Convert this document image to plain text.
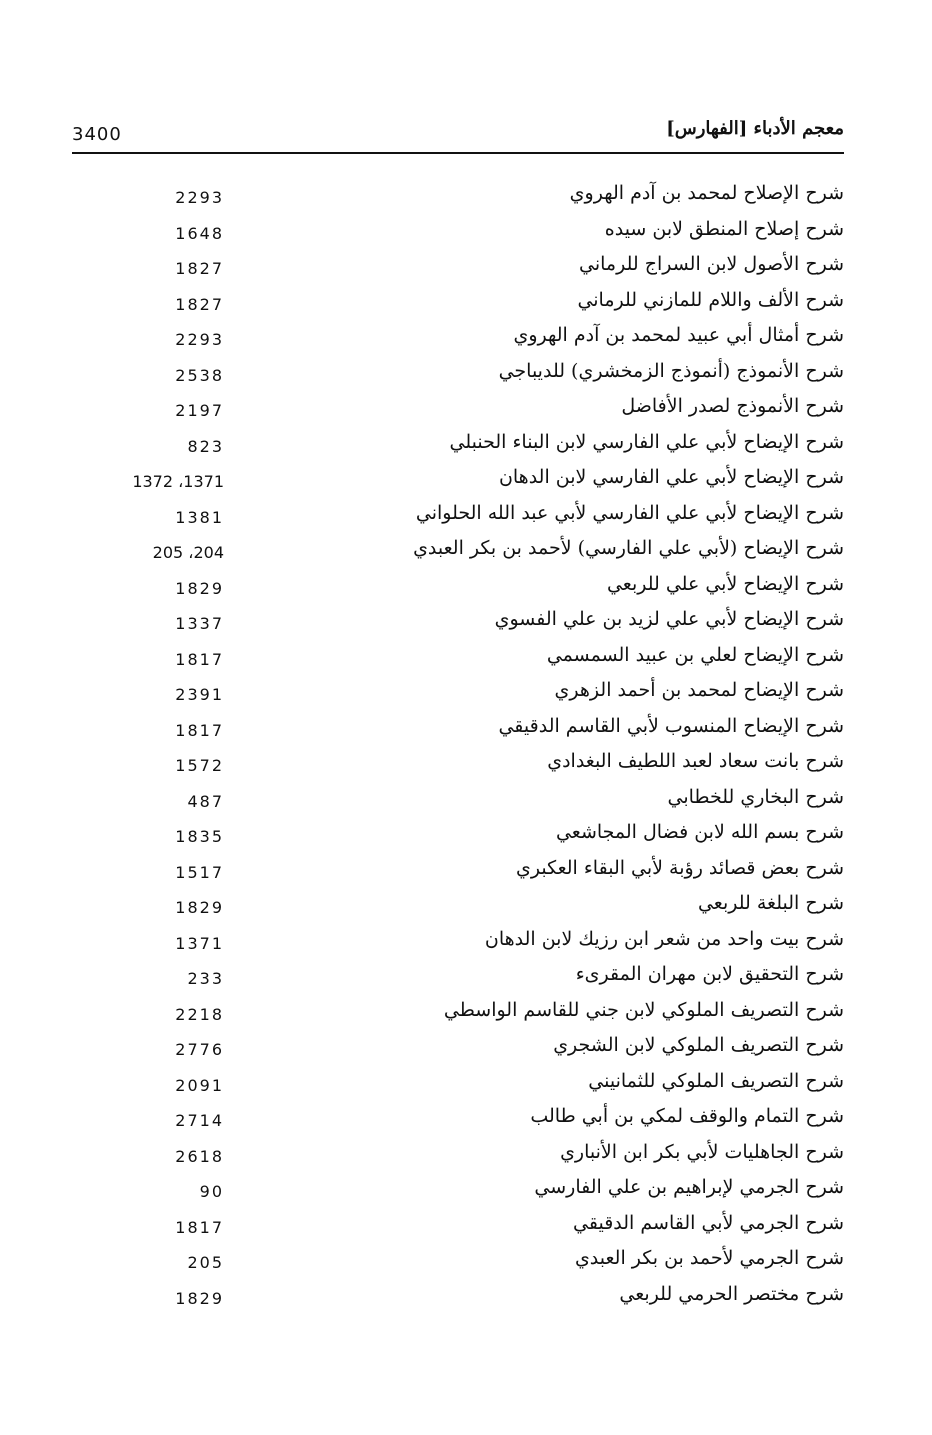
3400	معجم الأدباء [الفهارس]
شرح الإصلاح لمحمد بن آدم الهروي
2293
شرح إصلاح المنطق لابن سيده
1648
شرح الأصول لابن السراج للرماني
1827
شرح الألف واللام للمازني للرماني
1827
شرح أمثال أبي عبيد لمحمد بن آدم الهروي
2293
شرح الأنموذج (أنموذج الزمخشري) للديباجي
2538
شرح الأنموذج لصدر الأفاضل
2197
شرح الإيضاح لأبي علي الفارسي لابن البناء الحنبلي
823
شرح الإيضاح لأبي علي الفارسي لابن الدهان
1372 ،1371
شرح الإيضاح لأبي علي الفارسي لأبي عبد الله الحلواني
1381
شرح الإيضاح (لأبي علي الفارسي) لأحمد بن بكر العبدي
205 ،204
شرح الإيضاح لأبي علي للربعي
1829
شرح الإيضاح لأبي علي لزيد بن علي الفسوي
1337
شرح الإيضاح لعلي بن عبيد السمسمي
1817
شرح الإيضاح لمحمد بن أحمد الزهري
2391
شرح الإيضاح المنسوب لأبي القاسم الدقيقي
1817
شرح بانت سعاد لعبد اللطيف البغدادي
1572
شرح البخاري للخطابي
487
شرح بسم الله لابن فضال المجاشعي
1835
شرح بعض قصائد رؤبة لأبي البقاء العكبري
1517
شرح البلغة للربعي
1829
شرح بيت واحد من شعر ابن رزيك لابن الدهان
1371
شرح التحقيق لابن مهران المقرىء
233
شرح التصريف الملوكي لابن جني للقاسم الواسطي
2218
شرح التصريف الملوكي لابن الشجري
2776
شرح التصريف الملوكي للثمانيني
2091
شرح التمام والوقف لمكي بن أبي طالب
2714
شرح الجاهليات لأبي بكر ابن الأنباري
2618
شرح الجرمي لإبراهيم بن علي الفارسي
90
شرح الجرمي لأبي القاسم الدقيقي
1817
شرح الجرمي لأحمد بن بكر العبدي
205
شرح مختصر الحرمي للربعي
1829
